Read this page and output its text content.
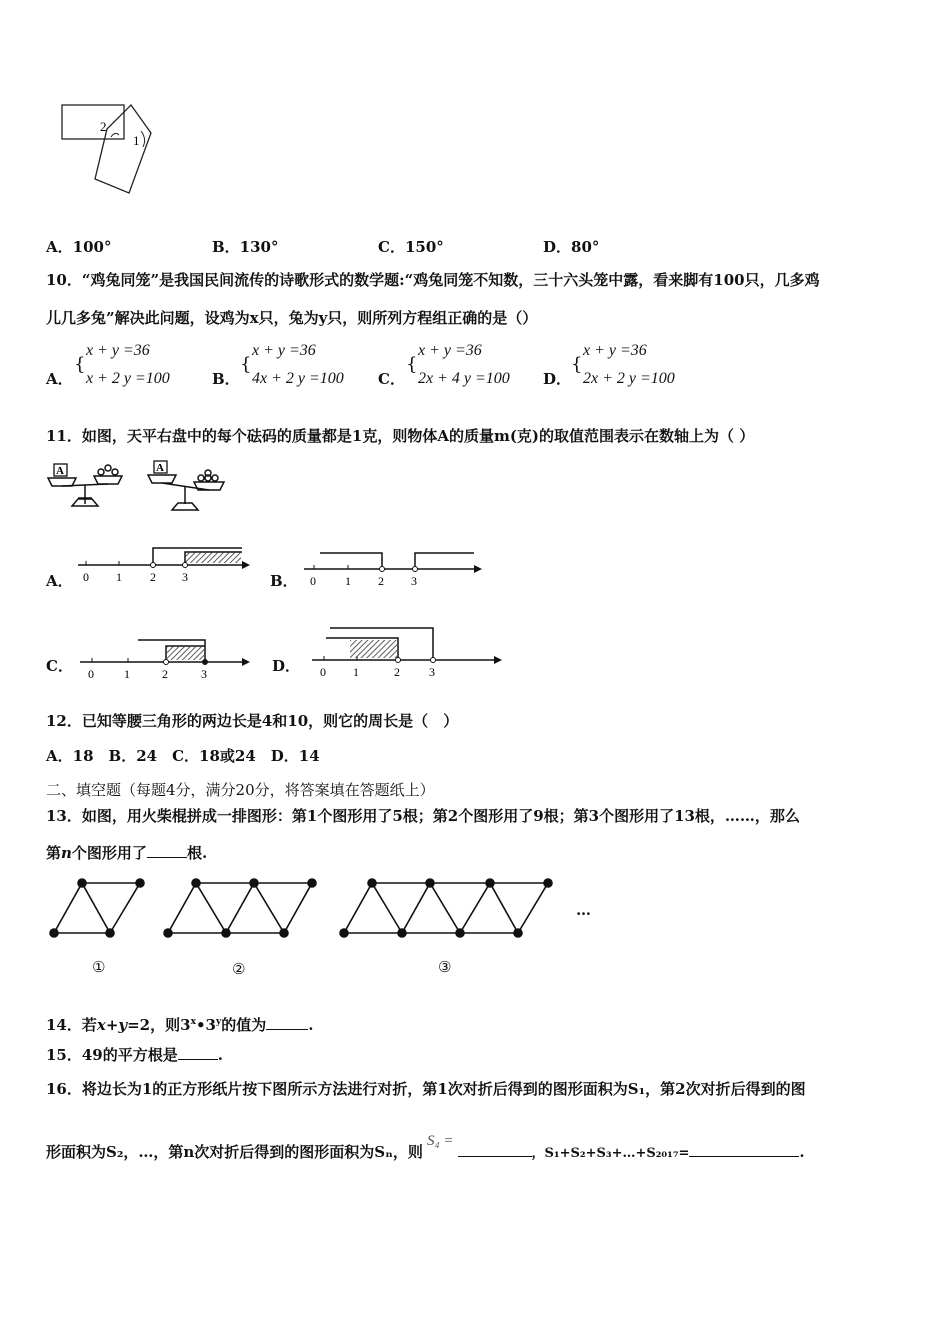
2
1
A．100°	B．130°	C．150°	D．80°
10．“鸡兔同笼”是我国民间流传的诗歌形式的数学题:“鸡兔同笼不知数，三十六头笼中露，看来脚有100只，几多鸡
儿几多兔”解决此问题，设鸡为x只，兔为y只，则所列方程组正确的是（）
A．
{
x + y =36
x + 2 y =100	B．
{
x + y =36
4x + 2 y =100 C．
{
x + y =36
2x + 4 y =100 D．
{
x + y =36
2x + 2 y =100
11．如图，天平右盘中的每个砝码的质量都是1克，则物体A的质量m(克)的取值范围表示在数轴上为（ ）
A	A
A． 0 1 2 3	B． 0 1 2 3
C． 0	1	2	3	D． 0 1	2 3
12．已知等腰三角形的两边长是4和10，则它的周长是（　）
A．18　B．24　C．18或24　D．14
二、填空题（每题4分，满分20分，将答案填在答题纸上）
13．如图，用火柴棍拼成一排图形：第1个图形用了5根；第2个图形用了9根；第3个图形用了13根，……，那么
第n个图形用了	根.
…
①	②	③
14．若x+y=2，则3$^x$•3$^y$的值为	.
15．49的平方根是	.
16．将边长为1的正方形纸片按下图所示方法进行对折，第1次对折后得到的图形面积为S₁，第2次对折后得到的图
形面积为S₂，…，第n次对折后得到的图形面积为Sₙ，则S₄ =，S₁+S₂+S₃+…+S₂₀₁₇=	.
